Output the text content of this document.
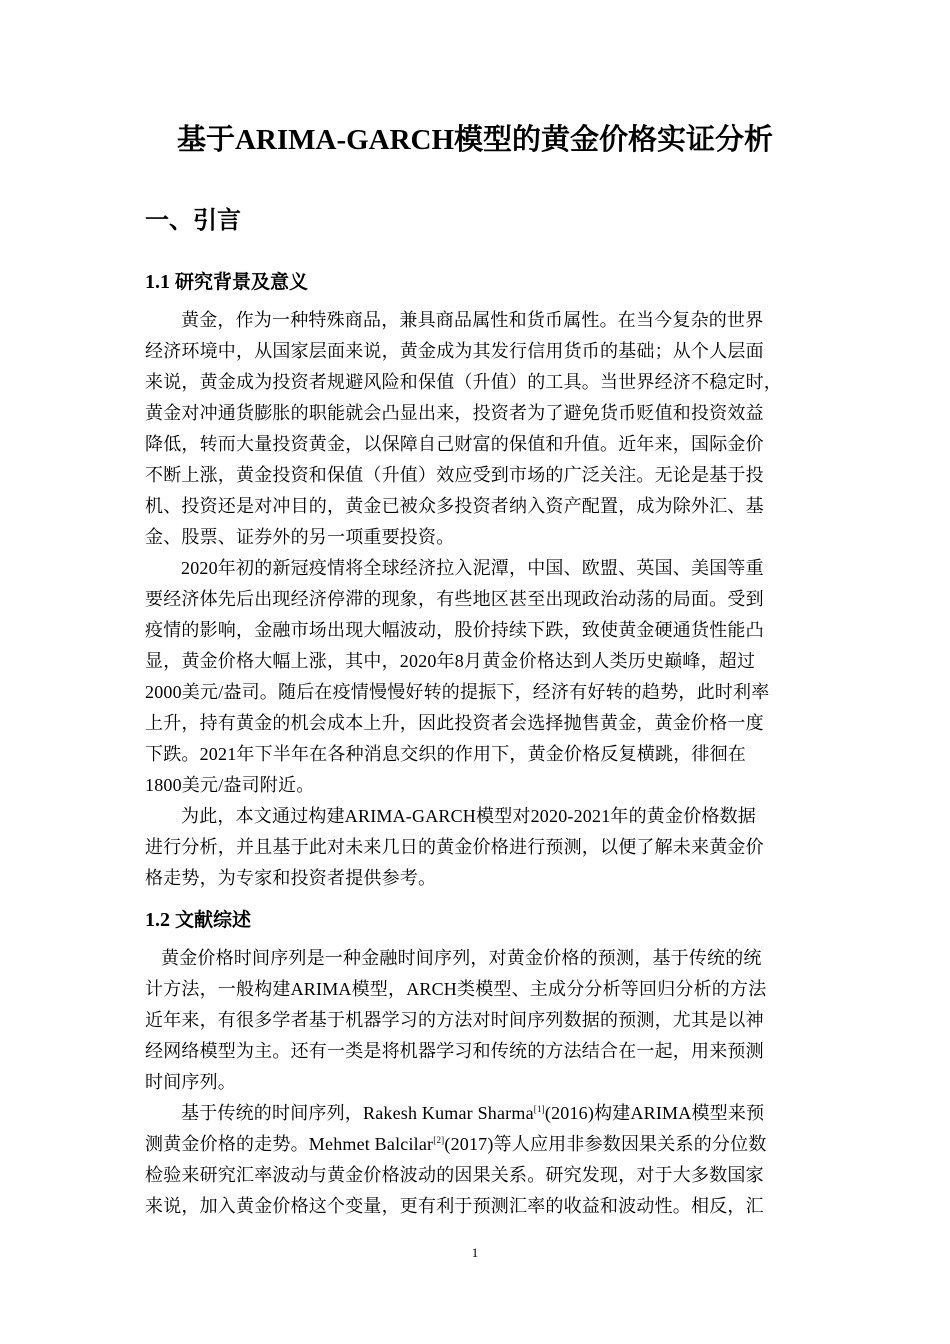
基于ARIMA-GARCH模型的黄金价格实证分析
一、引言
1.1 研究背景及意义
黄金，作为一种特殊商品，兼具商品属性和货币属性。在当今复杂的世界
经济环境中，从国家层面来说，黄金成为其发行信用货币的基础；从个人层面
来说，黄金成为投资者规避风险和保值（升值）的工具。当世界经济不稳定时，
黄金对冲通货膨胀的职能就会凸显出来，投资者为了避免货币贬值和投资效益
降低，转而大量投资黄金，以保障自己财富的保值和升值。近年来，国际金价
不断上涨，黄金投资和保值（升值）效应受到市场的广泛关注。无论是基于投
机、投资还是对冲目的，黄金已被众多投资者纳入资产配置，成为除外汇、基
金、股票、证券外的另一项重要投资。
2020年初的新冠疫情将全球经济拉入泥潭，中国、欧盟、英国、美国等重
要经济体先后出现经济停滞的现象，有些地区甚至出现政治动荡的局面。受到
疫情的影响，金融市场出现大幅波动，股价持续下跌，致使黄金硬通货性能凸
显，黄金价格大幅上涨，其中，2020年8月黄金价格达到人类历史巅峰，超过
2000美元/盎司。随后在疫情慢慢好转的提振下，经济有好转的趋势，此时利率
上升，持有黄金的机会成本上升，因此投资者会选择抛售黄金，黄金价格一度
下跌。2021年下半年在各种消息交织的作用下，黄金价格反复横跳，徘徊在
1800美元/盎司附近。
为此，本文通过构建ARIMA-GARCH模型对2020-2021年的黄金价格数据
进行分析，并且基于此对未来几日的黄金价格进行预测，以便了解未来黄金价
格走势，为专家和投资者提供参考。
1.2 文献综述
黄金价格时间序列是一种金融时间序列，对黄金价格的预测，基于传统的统
计方法，一般构建ARIMA模型，ARCH类模型、主成分分析等回归分析的方法
近年来，有很多学者基于机器学习的方法对时间序列数据的预测，尤其是以神
经网络模型为主。还有一类是将机器学习和传统的方法结合在一起，用来预测
时间序列。
基于传统的时间序列，Rakesh Kumar Sharma[1](2016)构建ARIMA模型来预
测黄金价格的走势。Mehmet Balcilar[2](2017)等人应用非参数因果关系的分位数
检验来研究汇率波动与黄金价格波动的因果关系。研究发现，对于大多数国家
来说，加入黄金价格这个变量，更有利于预测汇率的收益和波动性。相反，汇
1
